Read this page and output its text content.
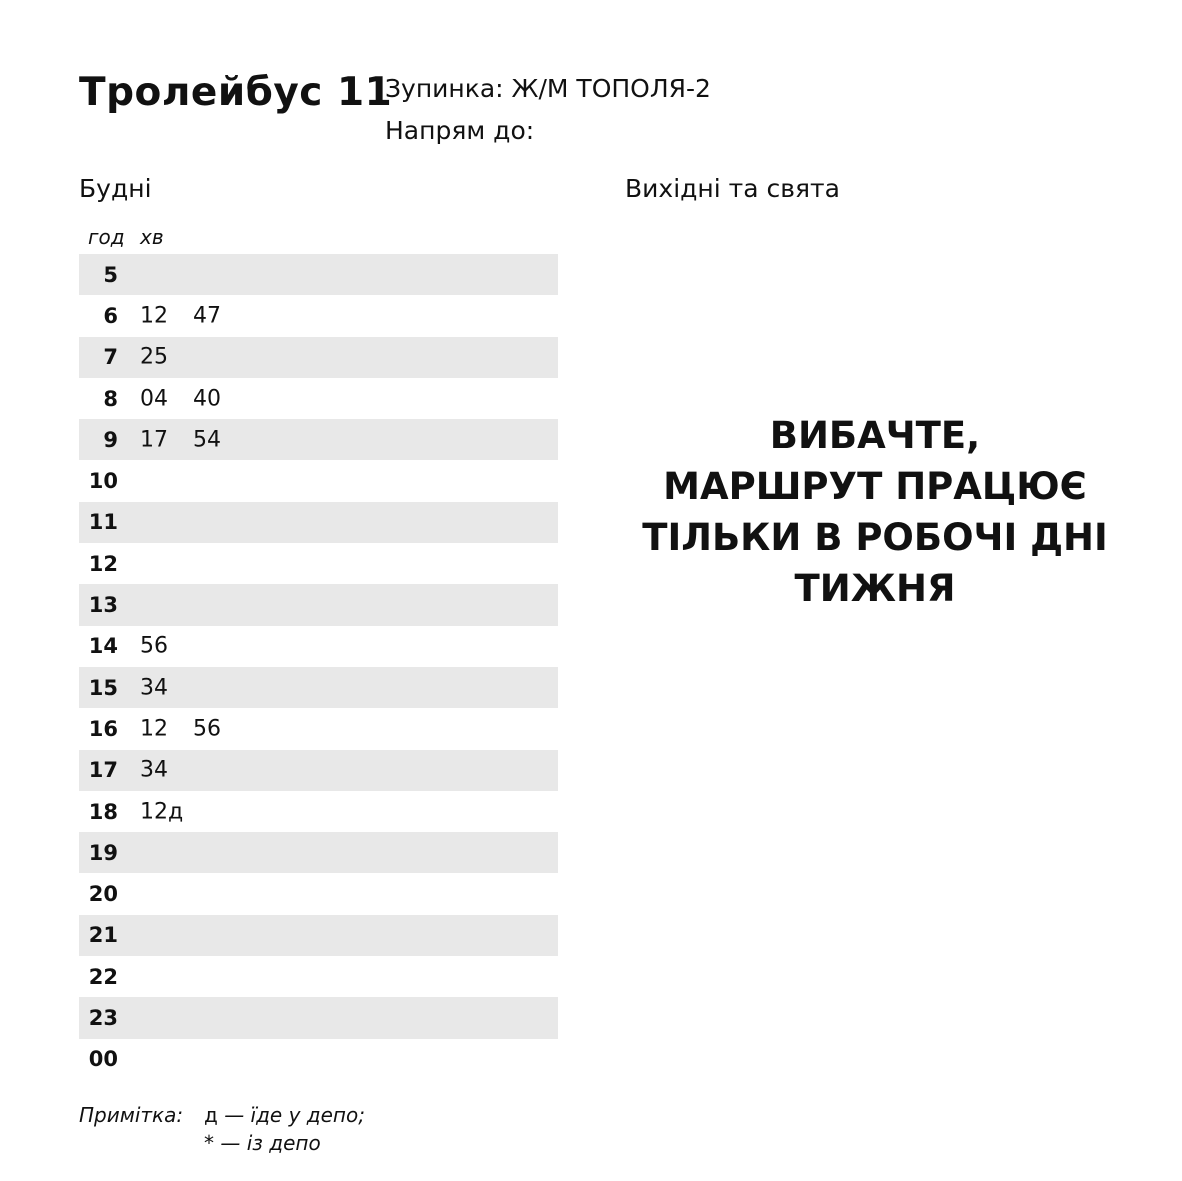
Тролейбус 11
Зупинка: Ж/М ТОПОЛЯ-2
Напрям до:
Будні	Вихідні та свята
год хв
5
6 12 47
7 25
8 04 40
9 17 54
10
11
12
13
14 56
15 34
16 12 56
17 34
18 12д
19
20
21
22
23
00
ВИБАЧТЕ,
МАРШРУТ ПРАЦЮЄ
ТІЛЬКИ В РОБОЧІ ДНІ
ТИЖНЯ
Примітка: д — їде у депо;
* — із депо
